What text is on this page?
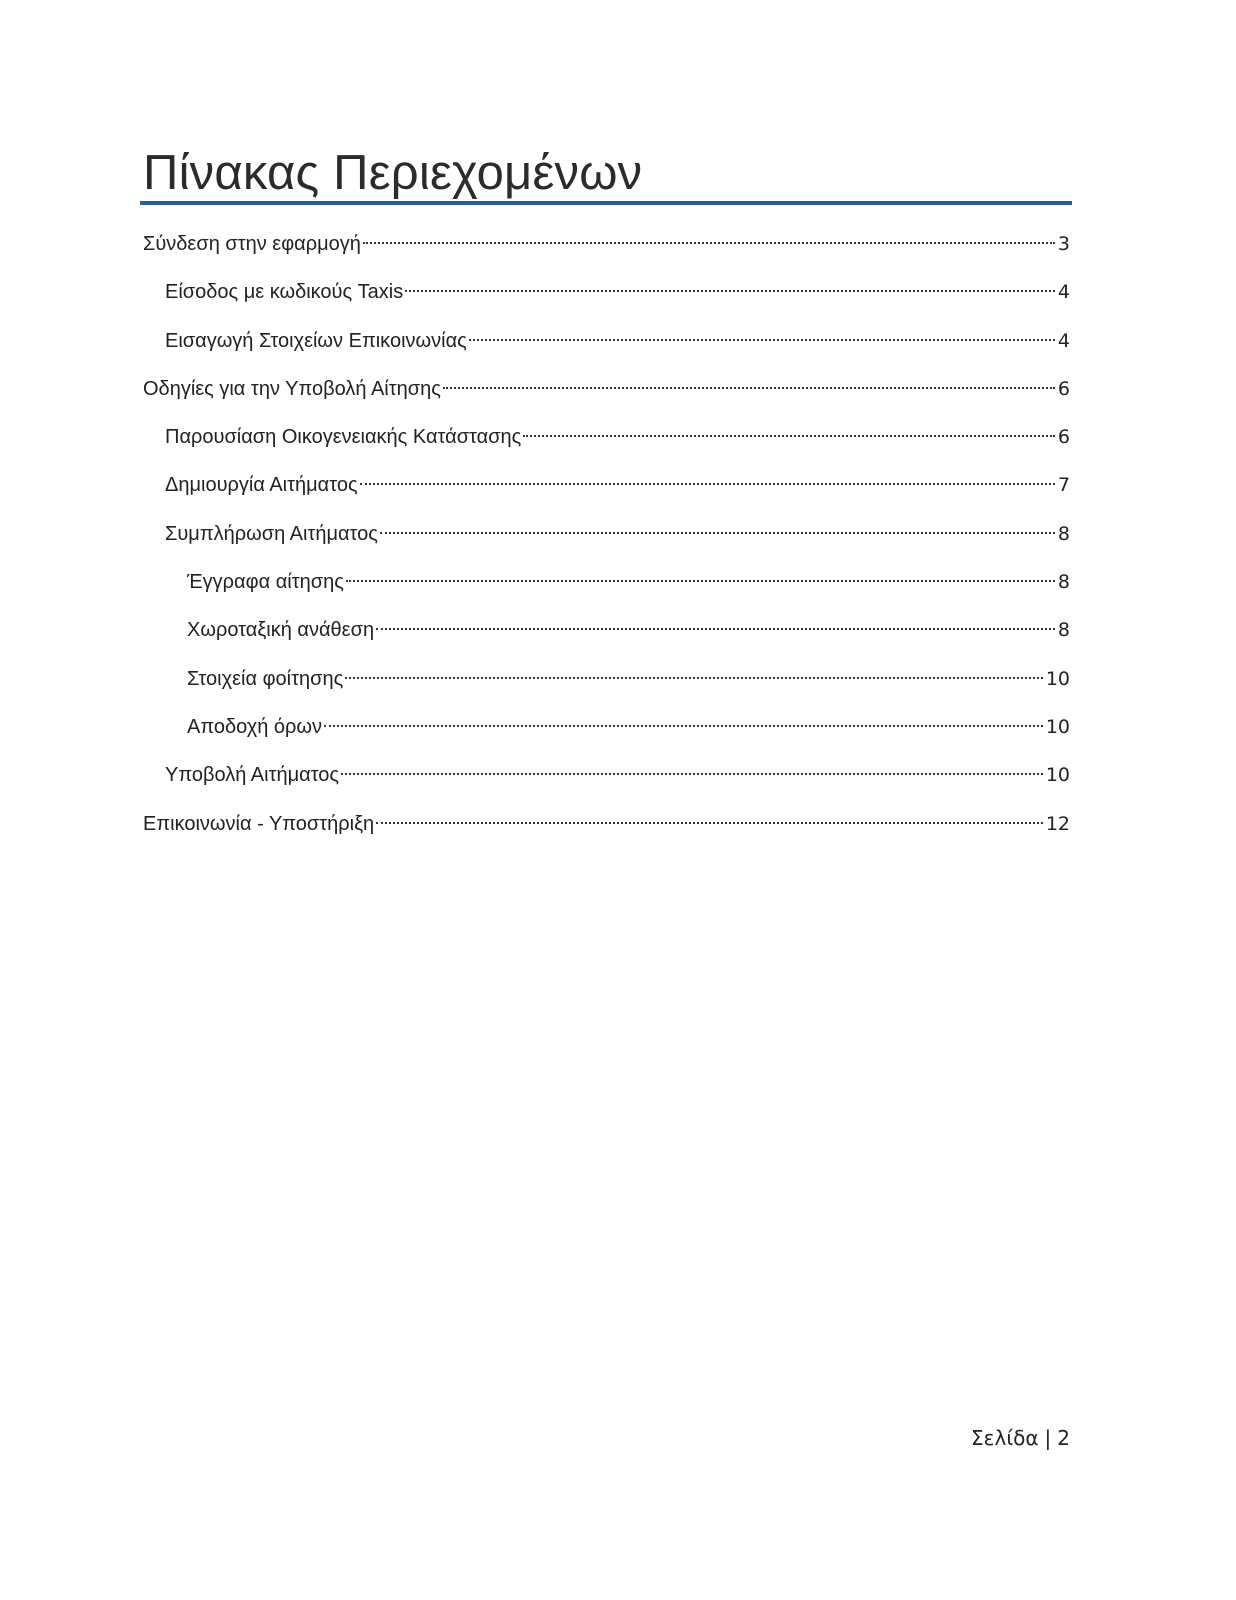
Πίνακας Περιεχομένων
Σύνδεση στην εφαρμογή	3
Είσοδος με κωδικούς Taxis	4
Εισαγωγή Στοιχείων Επικοινωνίας	4
Οδηγίες για την Υποβολή Αίτησης	6
Παρουσίαση Οικογενειακής Κατάστασης	6
Δημιουργία Αιτήματος	7
Συμπλήρωση Αιτήματος	8
Έγγραφα αίτησης	8
Χωροταξική ανάθεση	8
Στοιχεία φοίτησης	10
Αποδοχή όρων	10
Υποβολή Αιτήματος	10
Επικοινωνία - Υποστήριξη	12
Σελίδα | 2
